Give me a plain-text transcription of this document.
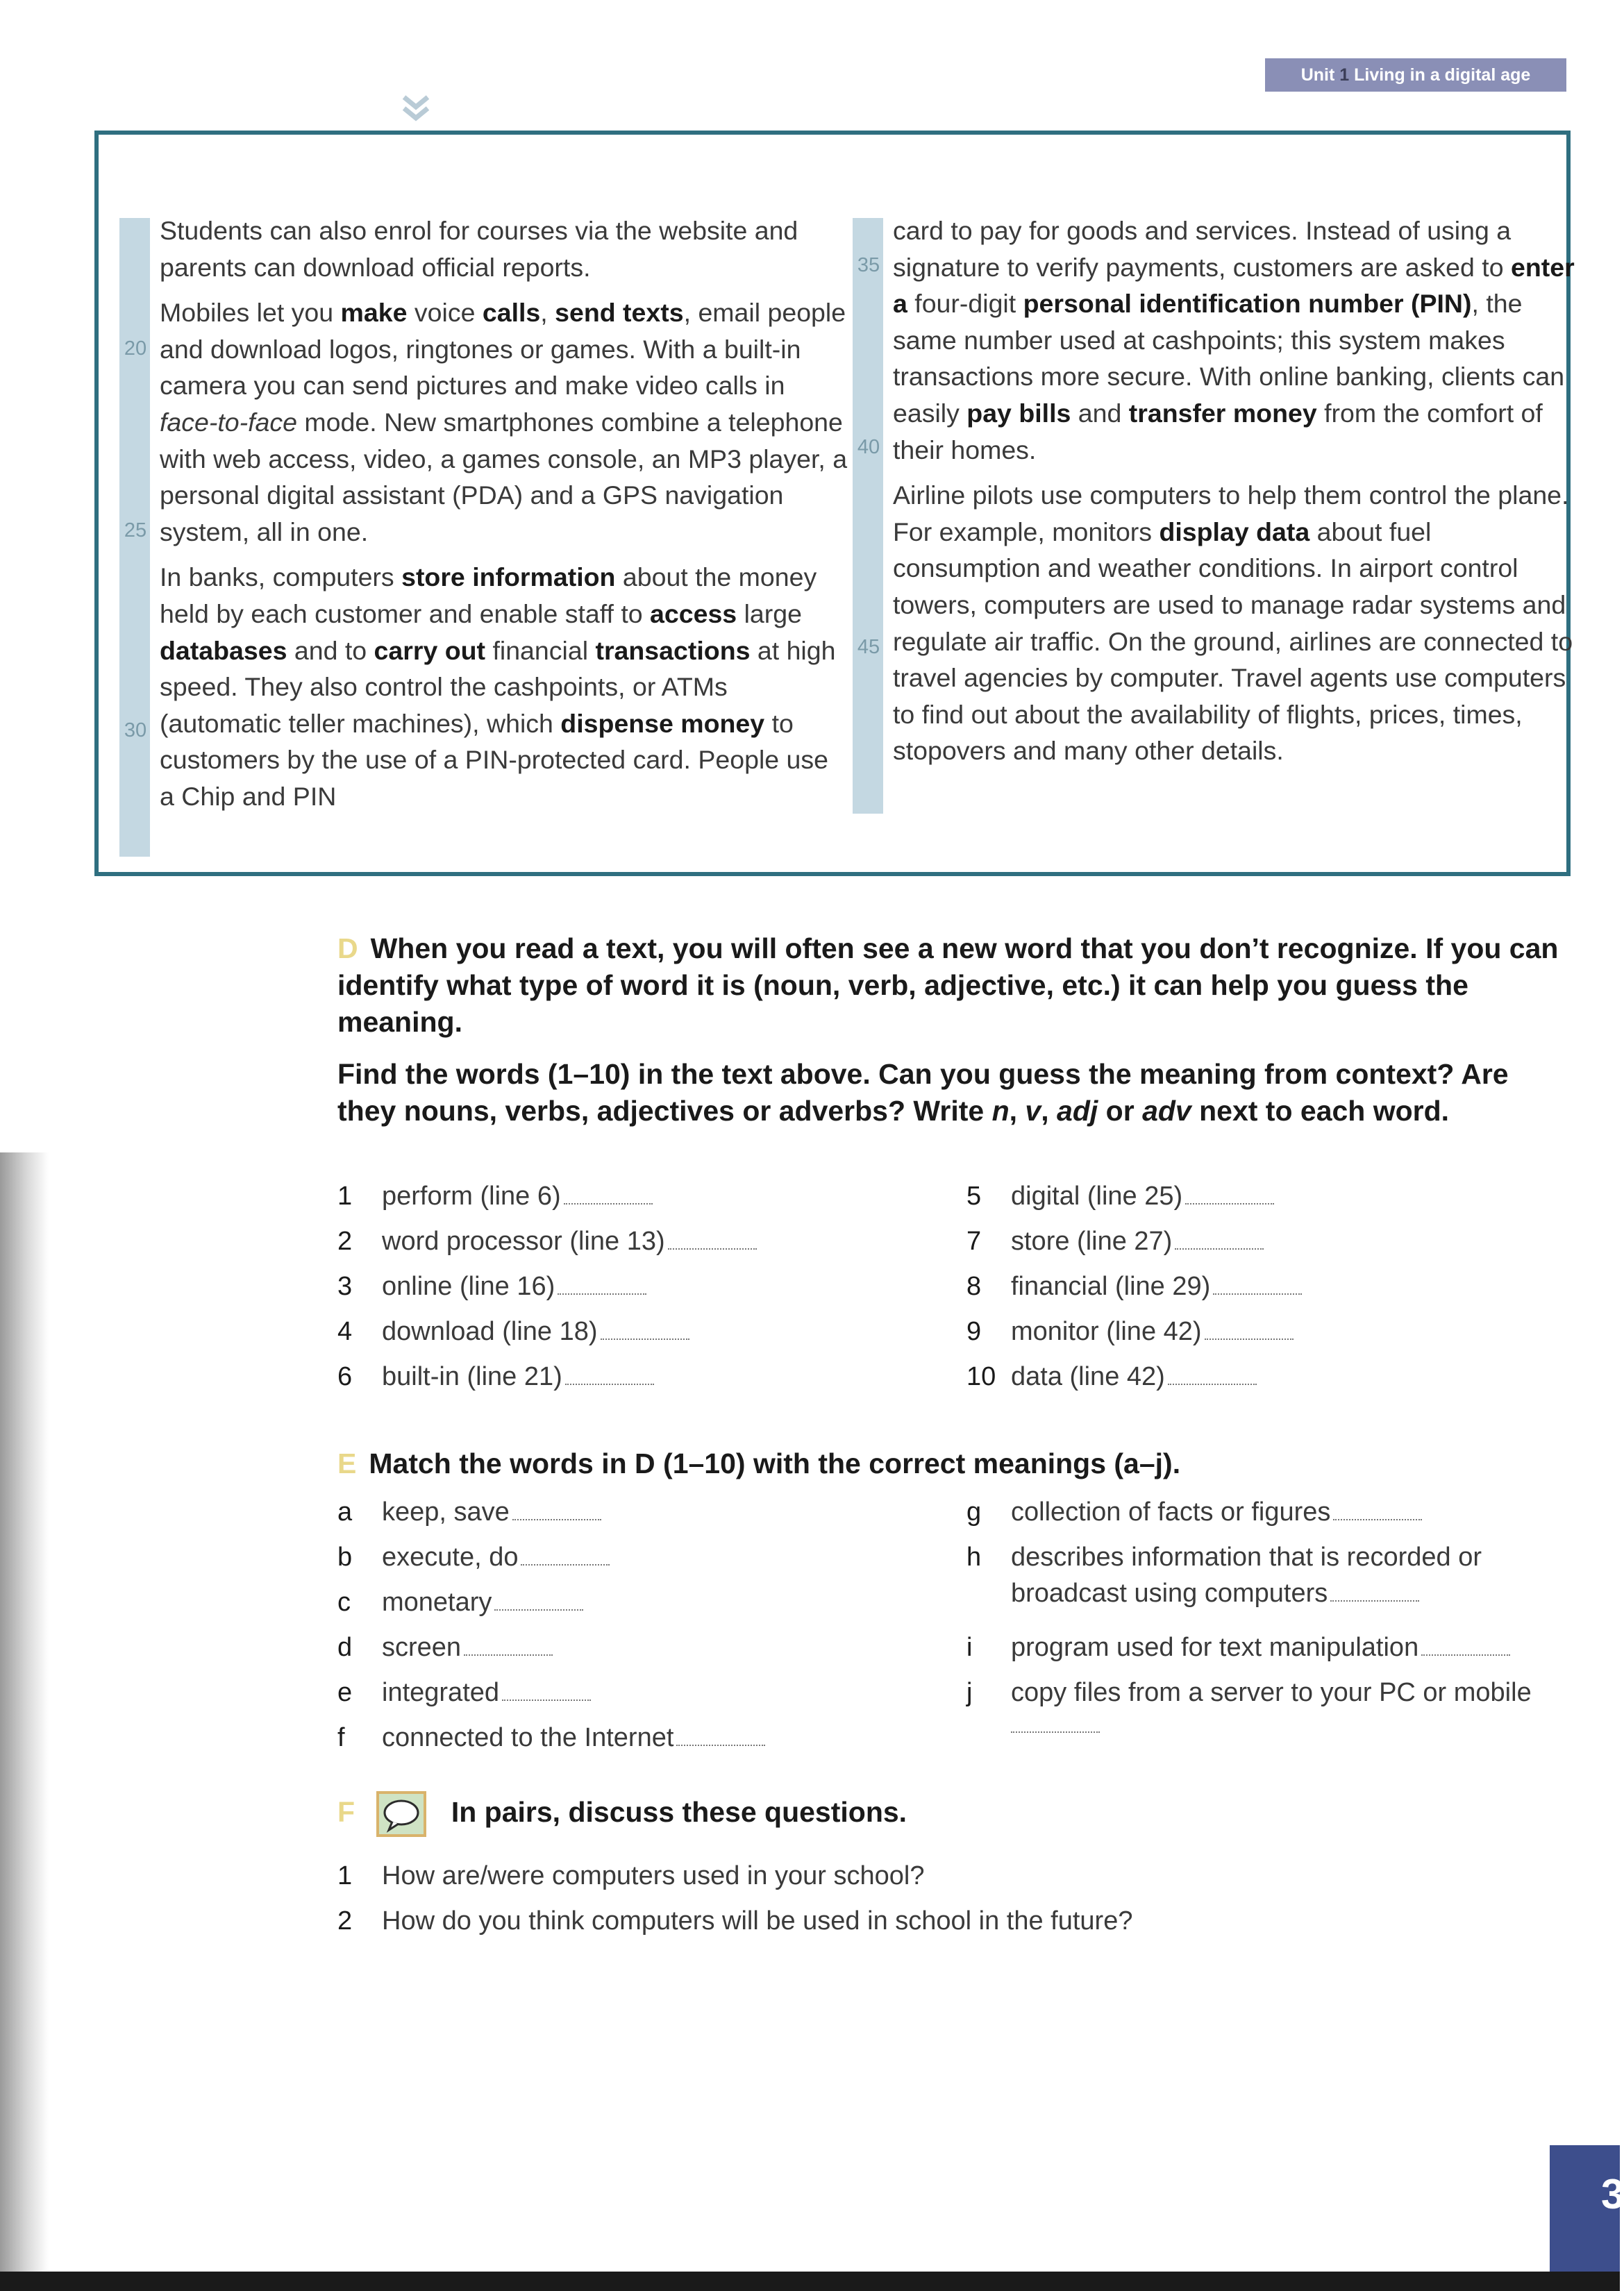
Unit 1 Living in a digital age
20
25
30
35
40
45

Students can also enrol for courses via the website and parents can download official reports.

Mobiles let you make voice calls, send texts, email people and download logos, ringtones or games. With a built-in camera you can send pictures and make video calls in face-to-face mode. New smartphones combine a telephone with web access, video, a games console, an MP3 player, a personal digital assistant (PDA) and a GPS navigation system, all in one.

In banks, computers store information about the money held by each customer and enable staff to access large databases and to carry out financial transactions at high speed. They also control the cashpoints, or ATMs (automatic teller machines), which dispense money to customers by the use of a PIN-protected card. People use a Chip and PIN

card to pay for goods and services. Instead of using a signature to verify payments, customers are asked to enter a four-digit personal identification number (PIN), the same number used at cashpoints; this system makes transactions more secure. With online banking, clients can easily pay bills and transfer money from the comfort of their homes.

Airline pilots use computers to help them control the plane. For example, monitors display data about fuel consumption and weather conditions. In airport control towers, computers are used to manage radar systems and regulate air traffic. On the ground, airlines are connected to travel agencies by computer. Travel agents use computers to find out about the availability of flights, prices, times, stopovers and many other details.

D When you read a text, you will often see a new word that you don’t recognize. If you can identify what type of word it is (noun, verb, adjective, etc.) it can help you guess the meaning.
Find the words (1–10) in the text above. Can you guess the meaning from context? Are they nouns, verbs, adjectives or adverbs? Write n, v, adj or adv next to each word.
1	perform (line 6)
2	word processor (line 13)
3	online (line 16)
4	download (line 18)
6	built-in (line 21)
5	digital (line 25)
7	store (line 27)
8	financial (line 29)
9	monitor (line 42)
10 data (line 42)
E Match the words in D (1–10) with the correct meanings (a–j).
a	keep, save
b	execute, do
c	monetary
d	screen
e	integrated
f	connected to the Internet
g	collection of facts or figures
h describes information that is recorded or broadcast using computers
i	program used for text manipulation
j copy files from a server to your PC or mobile
F	In pairs, discuss these questions.
1	How are/were computers used in your school?
2	How do you think computers will be used in school in the future?
3
